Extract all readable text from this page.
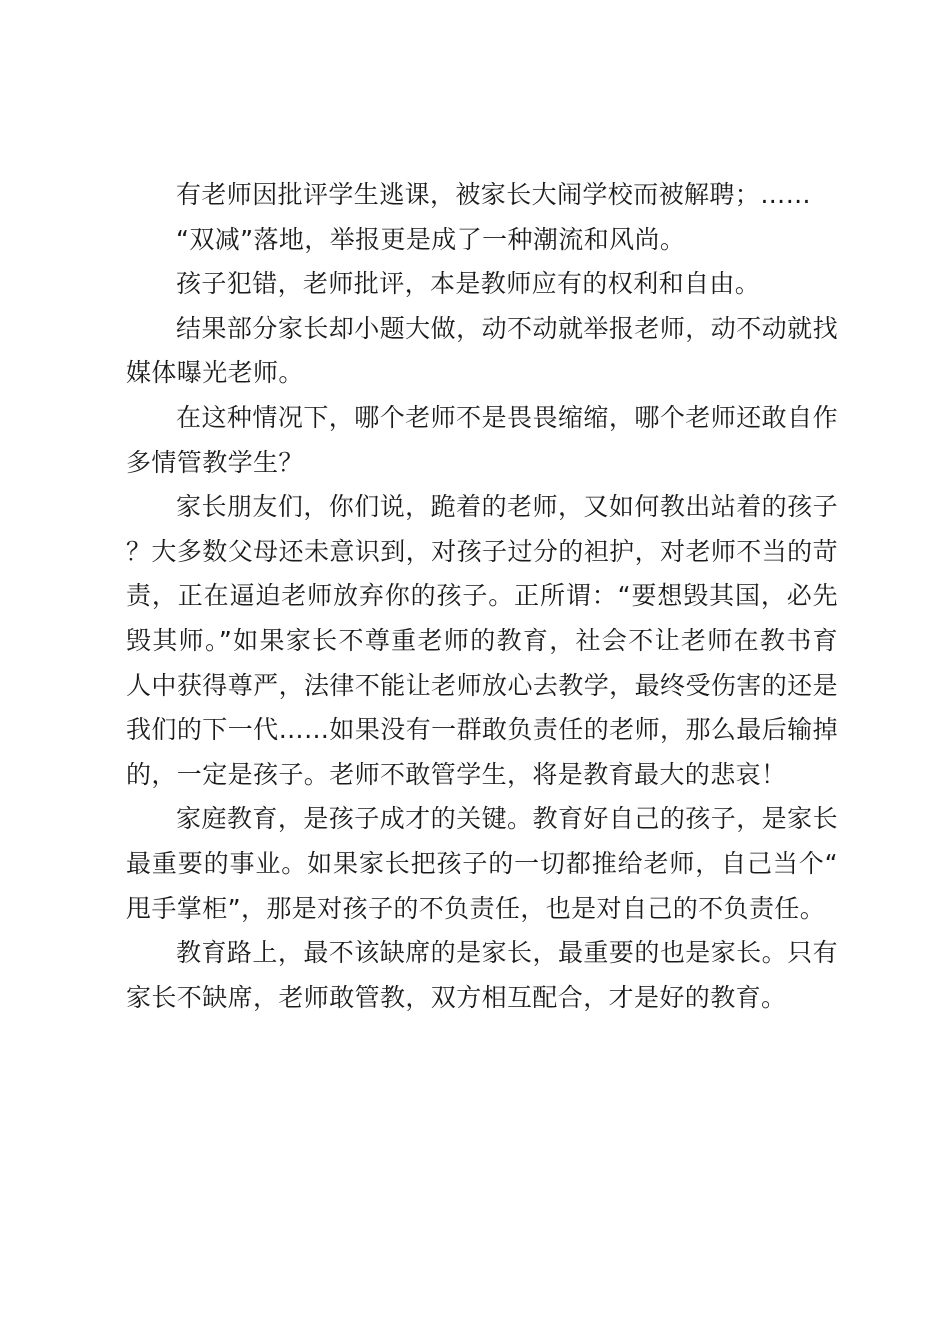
有老师因批评学生逃课，被家长大闹学校而被解聘；……

“双减”落地，举报更是成了一种潮流和风尚。

孩子犯错，老师批评，本是教师应有的权利和自由。

结果部分家长却小题大做，动不动就举报老师，动不动就找媒体曝光老师。

在这种情况下，哪个老师不是畏畏缩缩，哪个老师还敢自作多情管教学生？

家长朋友们，你们说，跪着的老师，又如何教出站着的孩子？大多数父母还未意识到，对孩子过分的袒护，对老师不当的苛责，正在逼迫老师放弃你的孩子。正所谓：“要想毁其国，必先毁其师。”如果家长不尊重老师的教育，社会不让老师在教书育人中获得尊严，法律不能让老师放心去教学，最终受伤害的还是我们的下一代……如果没有一群敢负责任的老师，那么最后输掉的，一定是孩子。老师不敢管学生，将是教育最大的悲哀！

家庭教育，是孩子成才的关键。教育好自己的孩子，是家长最重要的事业。如果家长把孩子的一切都推给老师，自己当个“甩手掌柜”，那是对孩子的不负责任，也是对自己的不负责任。

教育路上，最不该缺席的是家长，最重要的也是家长。只有家长不缺席，老师敢管教，双方相互配合，才是好的教育。
